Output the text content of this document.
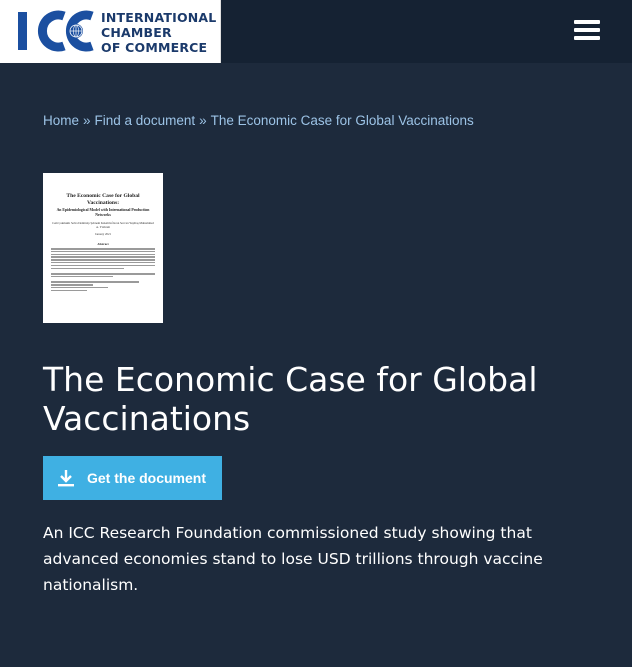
INTERNATIONAL
CHAMBER
OF COMMERCE
Home » Find a document » The Economic Case for Global Vaccinations
The Economic Case for Global Vaccinations:
An Epidemiological Model with International Production Networks
Cem Çakmaklı Selva Demiralp Şebnem Kalemli-Özcan Sevcan Yeşiltaş Muhammed A. Yıldırım
January 2021
Abstract
The Economic Case for Global Vaccinations
Get the document

An ICC Research Foundation commissioned study showing that advanced economies stand to lose USD trillions through vaccine nationalism.
